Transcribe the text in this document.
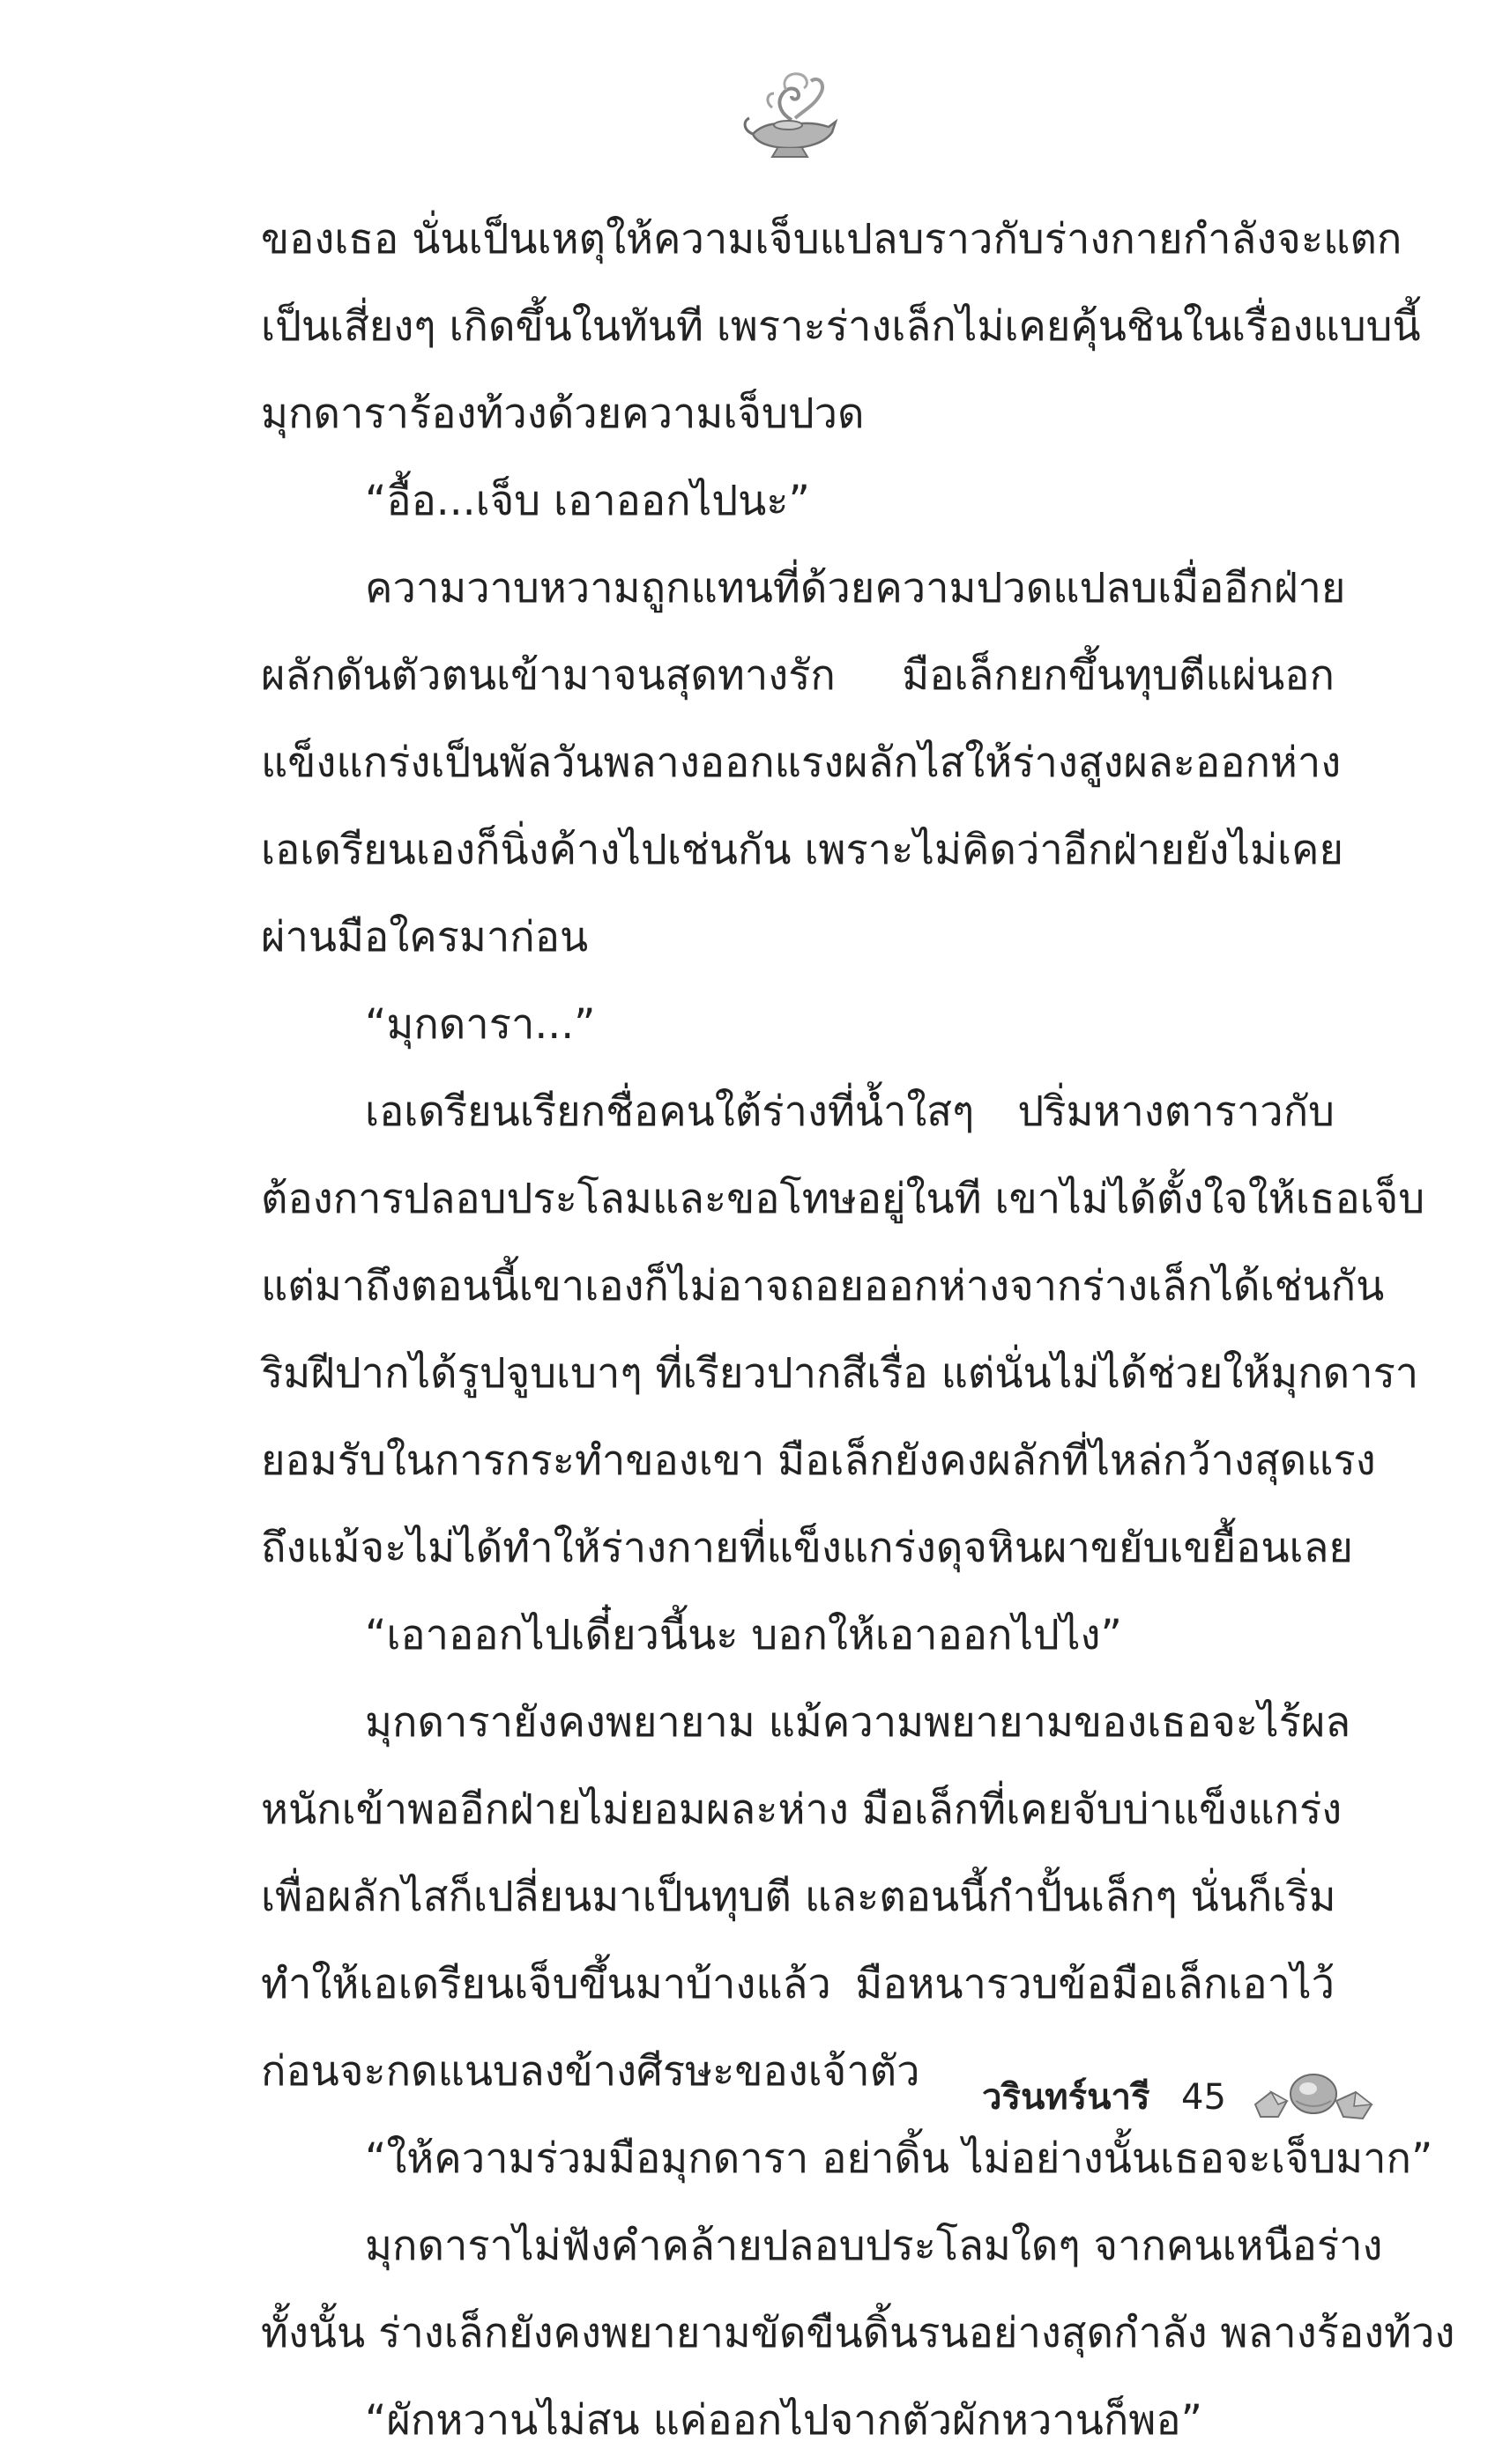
ของเธอ นั่นเป็นเหตุให้ความเจ็บแปลบราวกับร่างกายกำลังจะแตก
เป็นเสี่ยงๆ เกิดขึ้นในทันที เพราะร่างเล็กไม่เคยคุ้นชินในเรื่องแบบนี้
มุกดาราร้องท้วงด้วยความเจ็บปวด
“อื้อ...เจ็บ เอาออกไปนะ”
ความวาบหวามถูกแทนที่ด้วยความปวดแปลบเมื่ออีกฝ่าย
ผลักดันตัวตนเข้ามาจนสุดทางรัก มือเล็กยกขึ้นทุบตีแผ่นอก
แข็งแกร่งเป็นพัลวันพลางออกแรงผลักไสให้ร่างสูงผละออกห่าง
เอเดรียนเองก็นิ่งค้างไปเช่นกัน เพราะไม่คิดว่าอีกฝ่ายยังไม่เคย
ผ่านมือใครมาก่อน
“มุกดารา...”
เอเดรียนเรียกชื่อคนใต้ร่างที่น้ำใสๆ ปริ่มหางตาราวกับ
ต้องการปลอบประโลมและขอโทษอยู่ในที เขาไม่ได้ตั้งใจให้เธอเจ็บ
แต่มาถึงตอนนี้เขาเองก็ไม่อาจถอยออกห่างจากร่างเล็กได้เช่นกัน
ริมฝีปากได้รูปจูบเบาๆ ที่เรียวปากสีเรื่อ แต่นั่นไม่ได้ช่วยให้มุกดารา
ยอมรับในการกระทำของเขา มือเล็กยังคงผลักที่ไหล่กว้างสุดแรง
ถึงแม้จะไม่ได้ทำให้ร่างกายที่แข็งแกร่งดุจหินผาขยับเขยื้อนเลย
“เอาออกไปเดี๋ยวนี้นะ บอกให้เอาออกไปไง”
มุกดารายังคงพยายาม แม้ความพยายามของเธอจะไร้ผล
หนักเข้าพออีกฝ่ายไม่ยอมผละห่าง มือเล็กที่เคยจับบ่าแข็งแกร่ง
เพื่อผลักไสก็เปลี่ยนมาเป็นทุบตี และตอนนี้กำปั้นเล็กๆ นั่นก็เริ่ม
ทำให้เอเดรียนเจ็บขึ้นมาบ้างแล้ว มือหนารวบข้อมือเล็กเอาไว้
ก่อนจะกดแนบลงข้างศีรษะของเจ้าตัว
“ให้ความร่วมมือมุกดารา อย่าดิ้น ไม่อย่างนั้นเธอจะเจ็บมาก”
มุกดาราไม่ฟังคำคล้ายปลอบประโลมใดๆ จากคนเหนือร่าง
ทั้งนั้น ร่างเล็กยังคงพยายามขัดขืนดิ้นรนอย่างสุดกำลัง พลางร้องท้วง
“ผักหวานไม่สน แค่ออกไปจากตัวผักหวานก็พอ”
วรินทร์นารี 45
